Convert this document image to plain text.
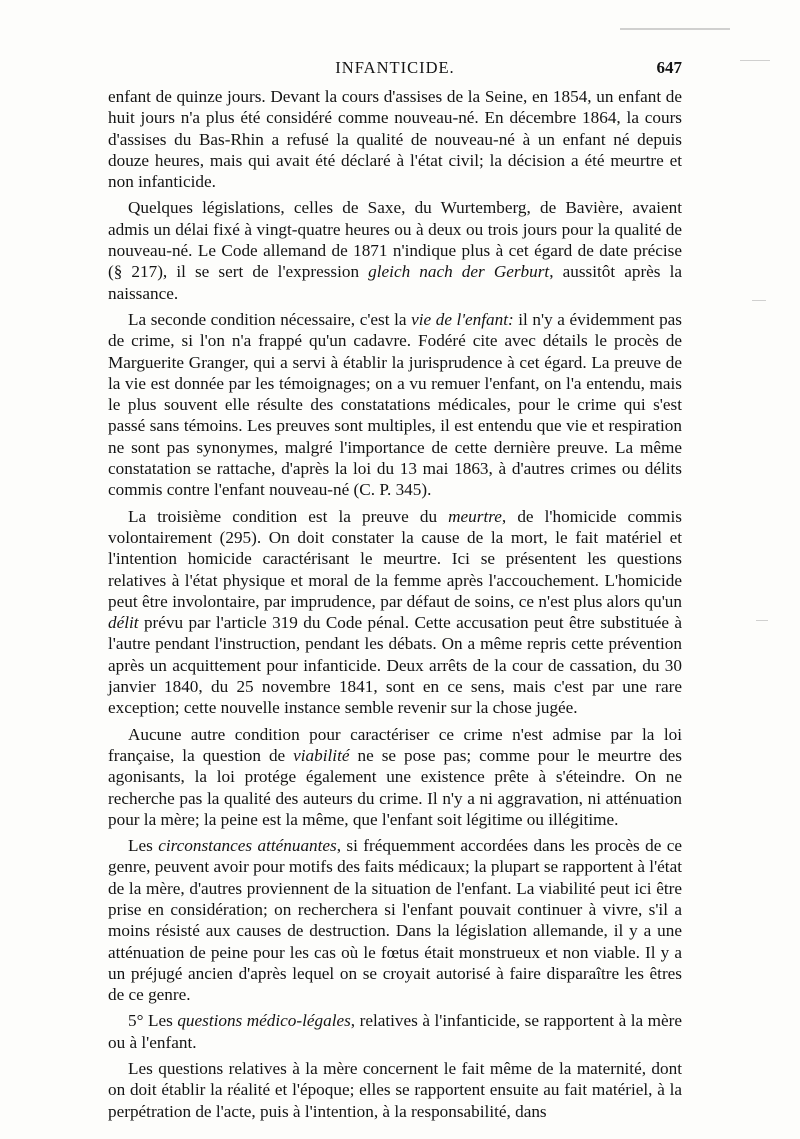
INFANTICIDE.	647

enfant de quinze jours. Devant la cours d'assises de la Seine, en 1854, un enfant de huit jours n'a plus été considéré comme nouveau-né. En décembre 1864, la cours d'assises du Bas-Rhin a refusé la qualité de nouveau-né à un enfant né depuis douze heures, mais qui avait été déclaré à l'état civil; la décision a été meurtre et non infanticide.

Quelques législations, celles de Saxe, du Wurtemberg, de Bavière, avaient admis un délai fixé à vingt-quatre heures ou à deux ou trois jours pour la qualité de nouveau-né. Le Code allemand de 1871 n'indique plus à cet égard de date précise (§ 217), il se sert de l'expression gleich nach der Gerburt, aussitôt après la naissance.

La seconde condition nécessaire, c'est la vie de l'enfant: il n'y a évidemment pas de crime, si l'on n'a frappé qu'un cadavre. Fodéré cite avec détails le procès de Marguerite Granger, qui a servi à établir la jurisprudence à cet égard. La preuve de la vie est donnée par les témoignages; on a vu remuer l'enfant, on l'a entendu, mais le plus souvent elle résulte des constatations médicales, pour le crime qui s'est passé sans témoins. Les preuves sont multiples, il est entendu que vie et respiration ne sont pas synonymes, malgré l'importance de cette dernière preuve. La même constatation se rattache, d'après la loi du 13 mai 1863, à d'autres crimes ou délits commis contre l'enfant nouveau-né (C. P. 345).

La troisième condition est la preuve du meurtre, de l'homicide commis volontairement (295). On doit constater la cause de la mort, le fait matériel et l'intention homicide caractérisant le meurtre. Ici se présentent les questions relatives à l'état physique et moral de la femme après l'accouchement. L'homicide peut être involontaire, par imprudence, par défaut de soins, ce n'est plus alors qu'un délit prévu par l'article 319 du Code pénal. Cette accusation peut être substituée à l'autre pendant l'instruction, pendant les débats. On a même repris cette prévention après un acquittement pour infanticide. Deux arrêts de la cour de cassation, du 30 janvier 1840, du 25 novembre 1841, sont en ce sens, mais c'est par une rare exception; cette nouvelle instance semble revenir sur la chose jugée.

Aucune autre condition pour caractériser ce crime n'est admise par la loi française, la question de viabilité ne se pose pas; comme pour le meurtre des agonisants, la loi protége également une existence prête à s'éteindre. On ne recherche pas la qualité des auteurs du crime. Il n'y a ni aggravation, ni atténuation pour la mère; la peine est la même, que l'enfant soit légitime ou illégitime.

Les circonstances atténuantes, si fréquemment accordées dans les procès de ce genre, peuvent avoir pour motifs des faits médicaux; la plupart se rapportent à l'état de la mère, d'autres proviennent de la situation de l'enfant. La viabilité peut ici être prise en considération; on recherchera si l'enfant pouvait continuer à vivre, s'il a moins résisté aux causes de destruction. Dans la législation allemande, il y a une atténuation de peine pour les cas où le fœtus était monstrueux et non viable. Il y a un préjugé ancien d'après lequel on se croyait autorisé à faire disparaître les êtres de ce genre.

5° Les questions médico-légales, relatives à l'infanticide, se rapportent à la mère ou à l'enfant.

Les questions relatives à la mère concernent le fait même de la maternité, dont on doit établir la réalité et l'époque; elles se rapportent ensuite au fait matériel, à la perpétration de l'acte, puis à l'intention, à la responsabilité, dans
